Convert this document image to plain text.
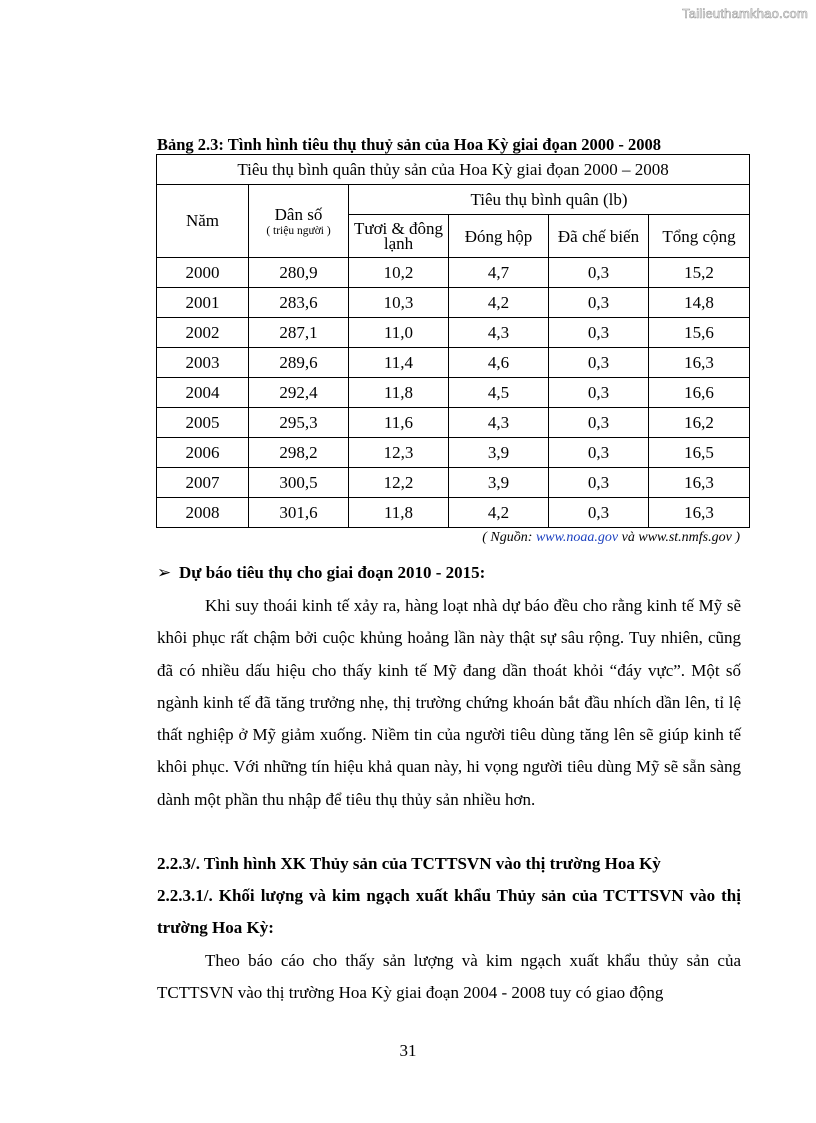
Tailieuthamkhao.com
Bảng 2.3: Tình hình tiêu thụ thuỷ sản của Hoa Kỳ giai đọan 2000 - 2008
Tiêu thụ bình quân thủy sản của Hoa Kỳ giai đọan 2000 – 2008					
Năm	Dân số
( triệu người )	Tiêu thụ bình quân (lb)			
		Tươi & đông lạnh	Đóng hộp	Đã chế biến	Tổng cộng
2000	280,9	10,2	4,7	0,3	15,2
2001	283,6	10,3	4,2	0,3	14,8
2002	287,1	11,0	4,3	0,3	15,6
2003	289,6	11,4	4,6	0,3	16,3
2004	292,4	11,8	4,5	0,3	16,6
2005	295,3	11,6	4,3	0,3	16,2
2006	298,2	12,3	3,9	0,3	16,5
2007	300,5	12,2	3,9	0,3	16,3
2008	301,6	11,8	4,2	0,3	16,3
( Nguồn: www.noaa.gov và www.st.nmfs.gov )
➢ Dự báo tiêu thụ cho giai đoạn 2010 - 2015:
Khi suy thoái kinh tế xảy ra, hàng loạt nhà dự báo đều cho rằng kinh tế Mỹ sẽ khôi phục rất chậm bởi cuộc khủng hoảng lần này thật sự sâu rộng. Tuy nhiên, cũng đã có nhiều dấu hiệu cho thấy kinh tế Mỹ đang dần thoát khỏi “đáy vực”. Một số ngành kinh tế đã tăng trưởng nhẹ, thị trường chứng khoán bắt đầu nhích dần lên, tỉ lệ thất nghiệp ở Mỹ giảm xuống. Niềm tin của người tiêu dùng tăng lên sẽ giúp kinh tế khôi phục. Với những tín hiệu khả quan này, hi vọng người tiêu dùng Mỹ sẽ sẵn sàng dành một phần thu nhập để tiêu thụ thủy sản nhiều hơn.
2.2.3/. Tình hình XK Thủy sản của TCTTSVN vào thị trường Hoa Kỳ
2.2.3.1/. Khối lượng và kim ngạch xuất khẩu Thủy sản của TCTTSVN vào thị trường Hoa Kỳ:
Theo báo cáo cho thấy sản lượng và kim ngạch xuất khẩu thủy sản của TCTTSVN vào thị trường Hoa Kỳ giai đoạn 2004 - 2008 tuy có giao động
31
